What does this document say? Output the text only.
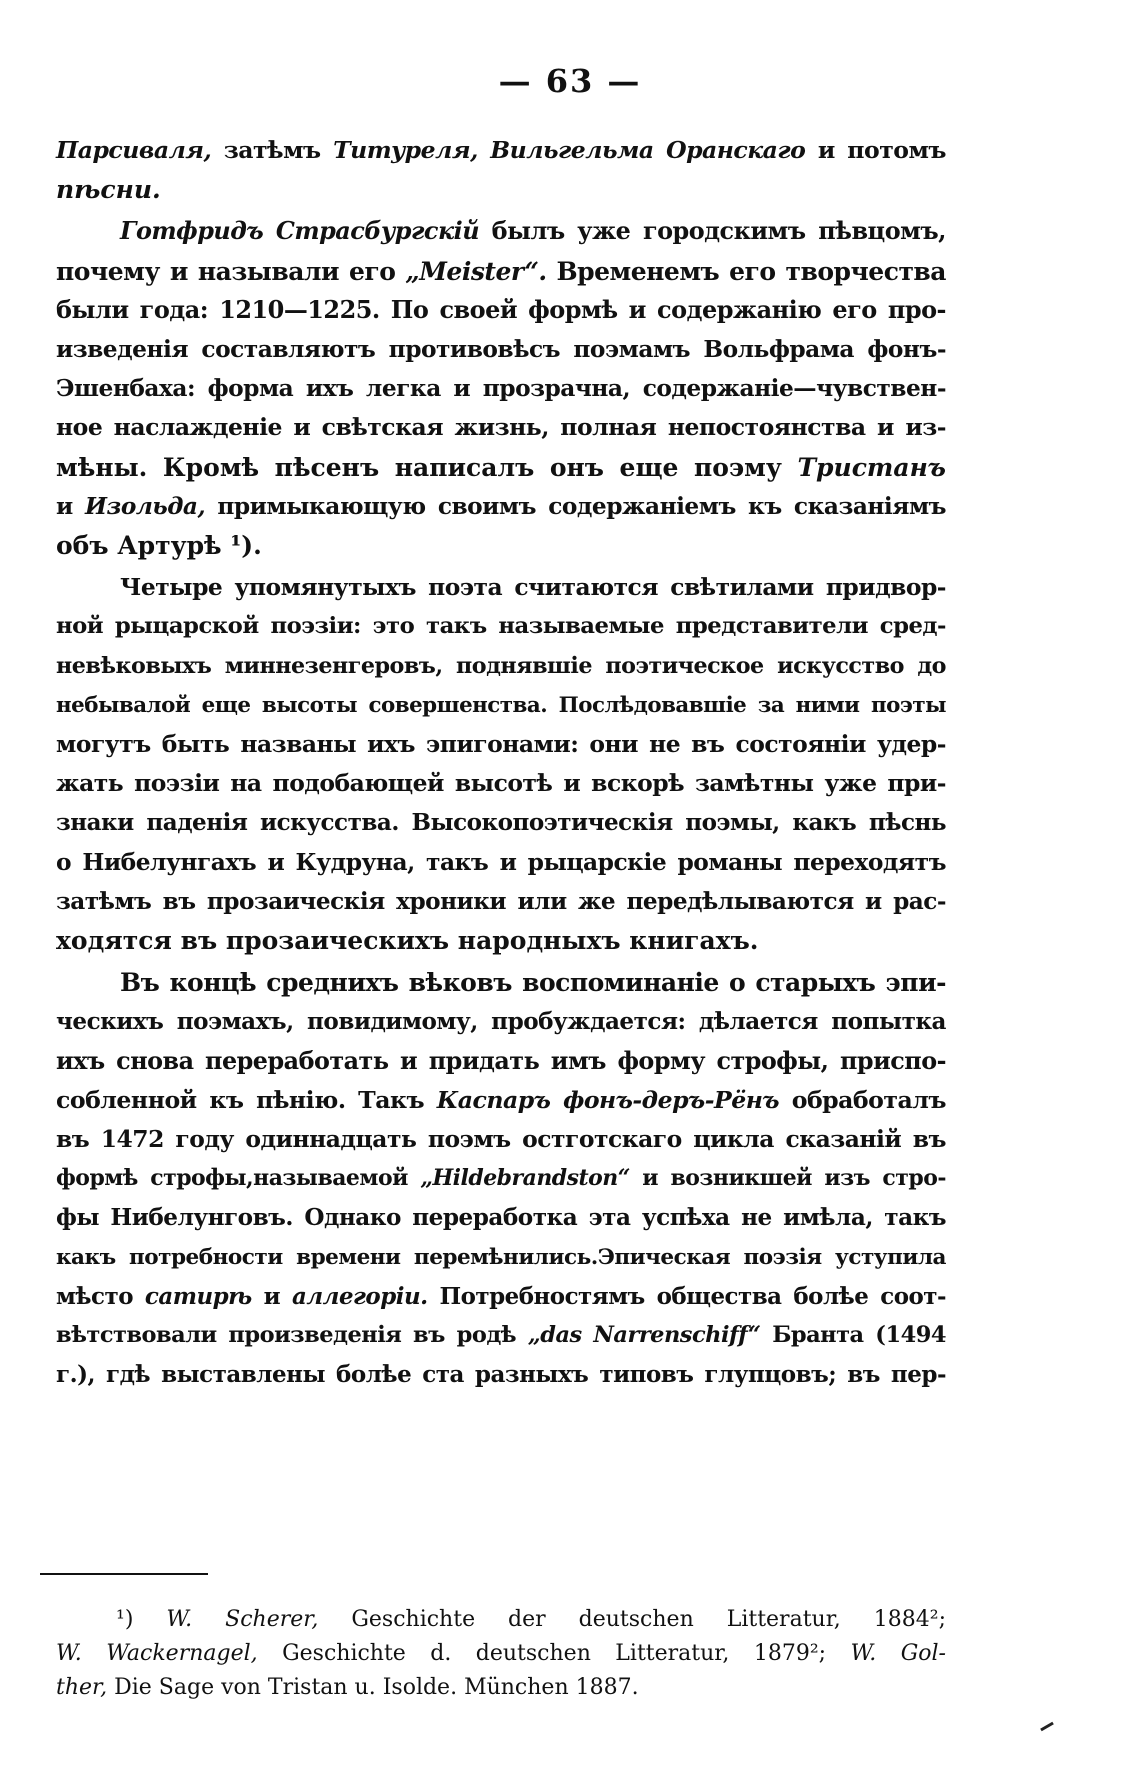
— 63 —
Парсиваля, затѣмъ Титуреля, Вильгельма Оранскаго и потомъ
пѣсни.
Готфридъ Страсбургскій былъ уже городскимъ пѣвцомъ,
почему и называли его „Meister“. Временемъ его творчества
были года: 1210—1225. По своей формѣ и содержанію его про-
изведенія составляютъ противовѣсъ поэмамъ Вольфрама фонъ-
Эшенбаха: форма ихъ легка и прозрачна, содержаніе—чувствен-
ное наслажденіе и свѣтская жизнь, полная непостоянства и из-
мѣны. Кромѣ пѣсенъ написалъ онъ еще поэму Тристанъ
и Изольда, примыкающую своимъ содержаніемъ къ сказаніямъ
объ Артурѣ ¹).
Четыре упомянутыхъ поэта считаются свѣтилами придвор-
ной рыцарской поэзіи: это такъ называемые представители сред-
невѣковыхъ миннезенгеровъ, поднявшіе поэтическое искусство до
небывалой еще высоты совершенства. Послѣдовавшіе за ними поэты
могутъ быть названы ихъ эпигонами: они не въ состояніи удер-
жать поэзіи на подобающей высотѣ и вскорѣ замѣтны уже при-
знаки паденія искусства. Высокопоэтическія поэмы, какъ пѣснь
о Нибелунгахъ и Кудруна, такъ и рыцарскіе романы переходятъ
затѣмъ въ прозаическія хроники или же передѣлываются и рас-
ходятся въ прозаическихъ народныхъ книгахъ.
Въ концѣ среднихъ вѣковъ воспоминаніе о старыхъ эпи-
ческихъ поэмахъ, повидимому, пробуждается: дѣлается попытка
ихъ снова переработать и придать имъ форму строфы, приспо-
собленной къ пѣнію. Такъ Каспаръ фонъ-деръ-Рёнъ обработалъ
въ 1472 году одиннадцать поэмъ остготскаго цикла сказаній въ
формѣ строфы,называемой „Hildebrandston“ и возникшей изъ стро-
фы Нибелунговъ. Однако переработка эта успѣха не имѣла, такъ
какъ потребности времени перемѣнились.Эпическая поэзія уступила
мѣсто сатирѣ и аллегоріи. Потребностямъ общества болѣе соот-
вѣтствовали произведенія въ родѣ „das Narrenschiff“ Бранта (1494
г.), гдѣ выставлены болѣе ста разныхъ типовъ глупцовъ; въ пер-
¹) W. Scherer, Geschichte der deutschen Litteratur, 1884²;
W. Wackernagel, Geschichte d. deutschen Litteratur, 1879²; W. Gol-
ther, Die Sage von Tristan u. Isolde. München 1887.
